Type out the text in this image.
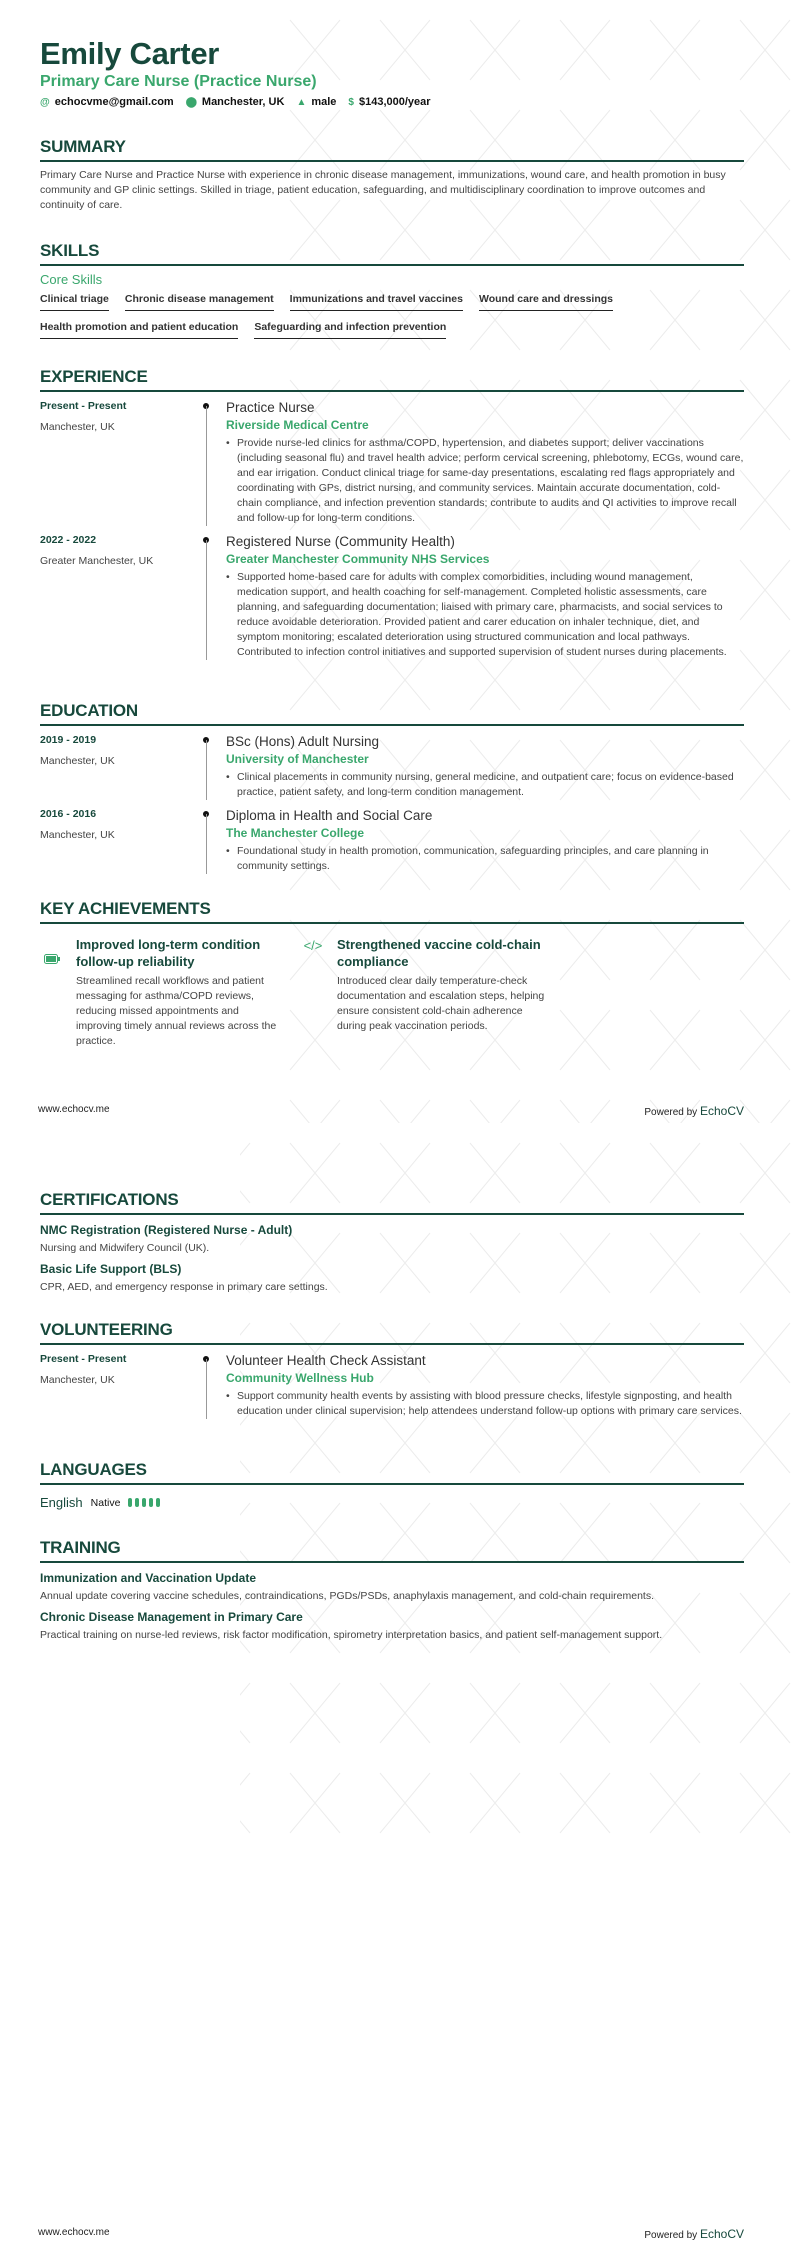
Emily Carter
Primary Care Nurse (Practice Nurse)
@ echocvme@gmail.com ⬤ Manchester, UK ▲ male $ $143,000/year
SUMMARY
Primary Care Nurse and Practice Nurse with experience in chronic disease management, immunizations, wound care, and health promotion in busy community and GP clinic settings. Skilled in triage, patient education, safeguarding, and multidisciplinary coordination to improve outcomes and continuity of care.
SKILLS
Core Skills
Clinical triage Chronic disease management Immunizations and travel vaccines Wound care and dressings
Health promotion and patient education Safeguarding and infection prevention
EXPERIENCE
Present - Present
Manchester, UK
Practice Nurse
Riverside Medical Centre
• Provide nurse-led clinics for asthma/COPD, hypertension, and diabetes support; deliver vaccinations (including seasonal flu) and travel health advice; perform cervical screening, phlebotomy, ECGs, wound care, and ear irrigation. Conduct clinical triage for same-day presentations, escalating red flags appropriately and coordinating with GPs, district nursing, and community services. Maintain accurate documentation, cold-chain compliance, and infection prevention standards; contribute to audits and QI activities to improve recall and follow-up for long-term conditions.
2022 - 2022
Greater Manchester, UK
Registered Nurse (Community Health)
Greater Manchester Community NHS Services
• Supported home-based care for adults with complex comorbidities, including wound management, medication support, and health coaching for self-management. Completed holistic assessments, care planning, and safeguarding documentation; liaised with primary care, pharmacists, and social services to reduce avoidable deterioration. Provided patient and carer education on inhaler technique, diet, and symptom monitoring; escalated deterioration using structured communication and local pathways. Contributed to infection control initiatives and supported supervision of student nurses during placements.
EDUCATION
2019 - 2019
Manchester, UK
BSc (Hons) Adult Nursing
University of Manchester
• Clinical placements in community nursing, general medicine, and outpatient care; focus on evidence-based practice, patient safety, and long-term condition management.
2016 - 2016
Manchester, UK
Diploma in Health and Social Care
The Manchester College
• Foundational study in health promotion, communication, safeguarding principles, and care planning in community settings.
KEY ACHIEVEMENTS
Improved long-term condition follow-up reliability
Streamlined recall workflows and patient messaging for asthma/COPD reviews, reducing missed appointments and improving timely annual reviews across the practice.
</> Strengthened vaccine cold-chain compliance
Introduced clear daily temperature-check documentation and escalation steps, helping ensure consistent cold-chain adherence during peak vaccination periods.
www.echocv.me	Powered by EchoCV
CERTIFICATIONS
NMC Registration (Registered Nurse - Adult)
Nursing and Midwifery Council (UK).
Basic Life Support (BLS)
CPR, AED, and emergency response in primary care settings.
VOLUNTEERING
Present - Present
Manchester, UK
Volunteer Health Check Assistant
Community Wellness Hub
• Support community health events by assisting with blood pressure checks, lifestyle signposting, and health education under clinical supervision; help attendees understand follow-up options with primary care services.
LANGUAGES
English Native
TRAINING
Immunization and Vaccination Update
Annual update covering vaccine schedules, contraindications, PGDs/PSDs, anaphylaxis management, and cold-chain requirements.
Chronic Disease Management in Primary Care
Practical training on nurse-led reviews, risk factor modification, spirometry interpretation basics, and patient self-management support.
www.echocv.me	Powered by EchoCV
